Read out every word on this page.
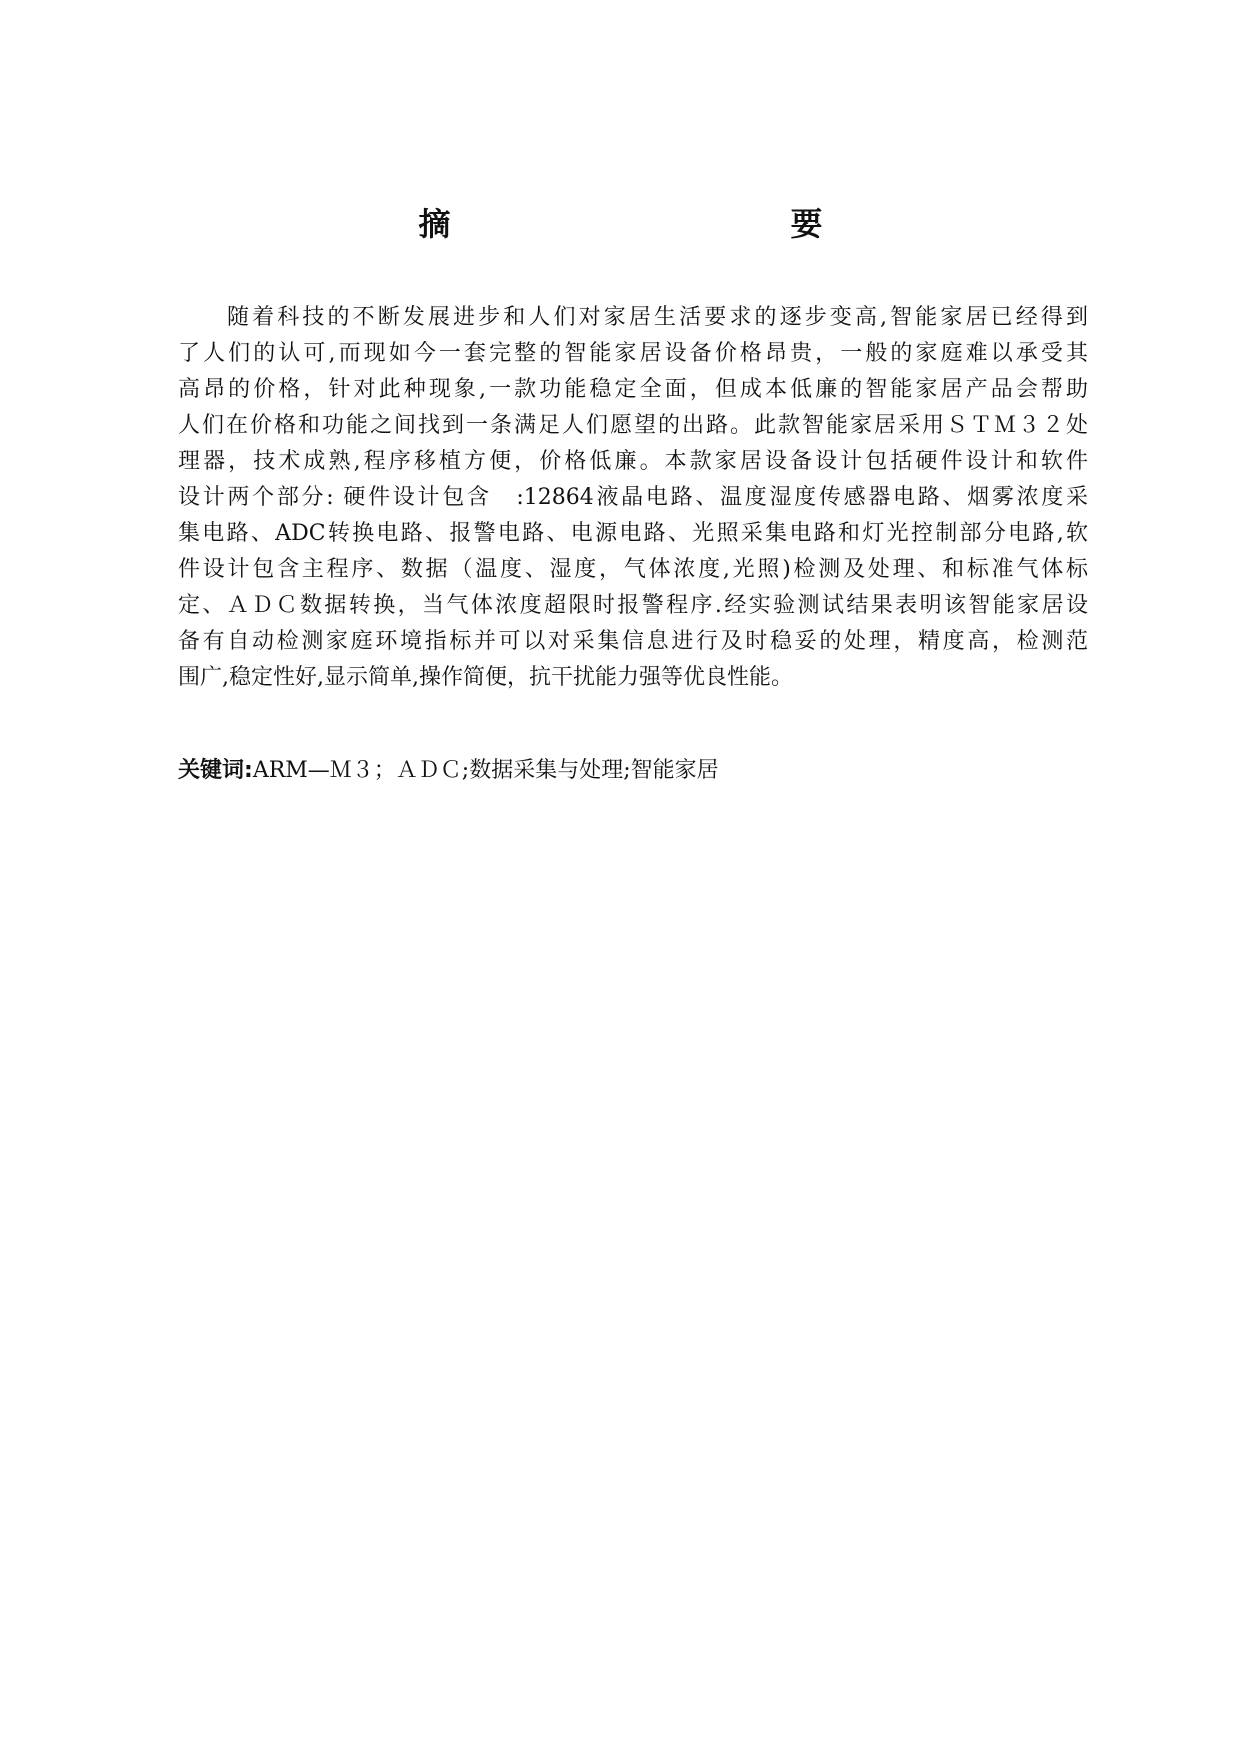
摘　　要
随着科技的不断发展进步和人们对家居生活要求的逐步变高,智能家居已经得到
了人们的认可,而现如今一套完整的智能家居设备价格昂贵，一般的家庭难以承受其
高昂的价格，针对此种现象,一款功能稳定全面，但成本低廉的智能家居产品会帮助
人们在价格和功能之间找到一条满足人们愿望的出路。此款智能家居采用ＳＴＭ３２处
理器，技术成熟,程序移植方便，价格低廉。本款家居设备设计包括硬件设计和软件
设计两个部分: 硬件设计包含　:12864液晶电路、温度湿度传感器电路、烟雾浓度采
集电路、ADC转换电路、报警电路、电源电路、光照采集电路和灯光控制部分电路,软
件设计包含主程序、数据（温度、湿度，气体浓度,光照)检测及处理、和标准气体标
定、ＡＤＣ数据转换，当气体浓度超限时报警程序.经实验测试结果表明该智能家居设
备有自动检测家庭环境指标并可以对采集信息进行及时稳妥的处理，精度高，检测范
围广,稳定性好,显示简单,操作简便，抗干扰能力强等优良性能。
关键词:ARM—Ｍ３；ＡＤＣ;数据采集与处理;智能家居
